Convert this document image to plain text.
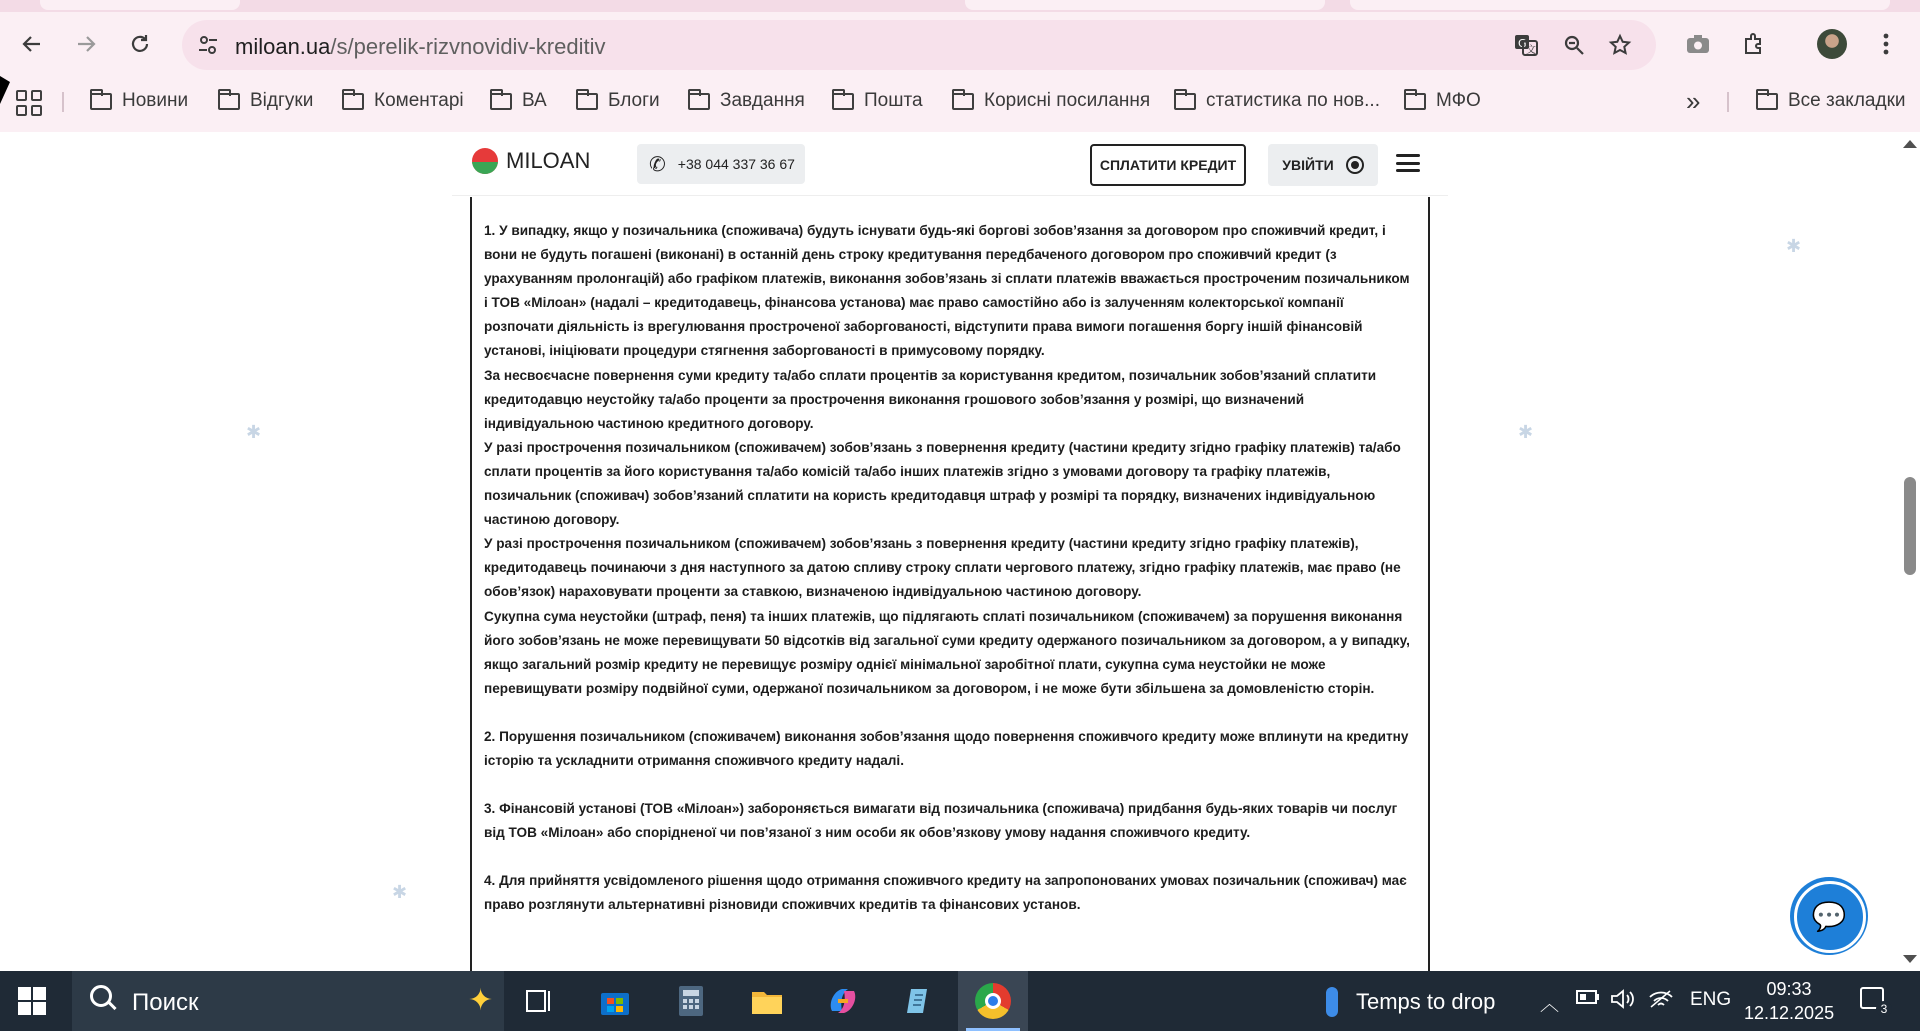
miloan.ua/s/perelik-rizvnovidiv-kreditiv	G
文
Новини	Відгуки	Коментарі	ВА	Блоги	Завдання	Пошта	Корисні посилання	статистика по нов...	МФО	»	Все закладки
✱
✱
✱
✱
MILOAN	✆ +38 044 337 36 67	СПЛАТИТИ КРЕДИТ	УВІЙТИ

1. У випадку, якщо у позичальника (споживача) будуть існувати будь-які боргові зобов’язання за договором про споживчий кредит, і вони не будуть погашені (виконані) в останній день строку кредитування передбаченого договором про споживчий кредит (з урахуванням пролонгацій) або графіком платежів, виконання зобов’язань зі сплати платежів вважається простроченим позичальником і ТОВ «Мілоан» (надалі – кредитодавець, фінансова установа) має право самостійно або із залученням колекторської компанії розпочати діяльність із врегулювання простроченої заборгованості, відступити права вимоги погашення боргу іншій фінансовій установі, ініціювати процедури стягнення заборгованості в примусовому порядку.

За несвоєчасне повернення суми кредиту та/або сплати процентів за користування кредитом, позичальник зобов’язаний сплатити кредитодавцю неустойку та/або проценти за прострочення виконання грошового зобов’язання у розмірі, що визначений індивідуальною частиною кредитного договору.

У разі прострочення позичальником (споживачем) зобов’язань з повернення кредиту (частини кредиту згідно графіку платежів) та/або сплати процентів за його користування та/або комісій та/або інших платежів згідно з умовами договору та графіку платежів, позичальник (споживач) зобов’язаний сплатити на користь кредитодавця штраф у розмірі та порядку, визначених індивідуальною частиною договору.

У разі прострочення позичальником (споживачем) зобов’язань з повернення кредиту (частини кредиту згідно графіку платежів), кредитодавець починаючи з дня наступного за датою спливу строку сплати чергового платежу, згідно графіку платежів, має право (не обов’язок) нараховувати проценти за ставкою, визначеною індивідуальною частиною договору.

Сукупна сума неустойки (штраф, пеня) та інших платежів, що підлягають сплаті позичальником (споживачем) за порушення виконання його зобов’язань не може перевищувати 50 відсотків від загальної суми кредиту одержаного позичальником за договором, а у випадку, якщо загальний розмір кредиту не перевищує розміру однієї мінімальної заробітної плати, сукупна сума неустойки не може перевищувати розміру подвійної суми, одержаної позичальником за договором, і не може бути збільшена за домовленістю сторін.

2. Порушення позичальником (споживачем) виконання зобов’язання щодо повернення споживчого кредиту може вплинути на кредитну історію та ускладнити отримання споживчого кредиту надалі.

3. Фінансовій установі (ТОВ «Мілоан») забороняється вимагати від позичальника (споживача) придбання будь-яких товарів чи послуг від ТОВ «Мілоан» або спорідненої чи пов’язаної з ним особи як обов’язкову умову надання споживчого кредиту.

4. Для прийняття усвідомленого рішення щодо отримання споживчого кредиту на запропонованих умовах позичальник (споживач) має право розглянути альтернативні різновиди споживчих кредитів та фінансових установ.	💬
Поиск	✦	Temps to drop ︿	ENG	09:33
12.12.2025	3
